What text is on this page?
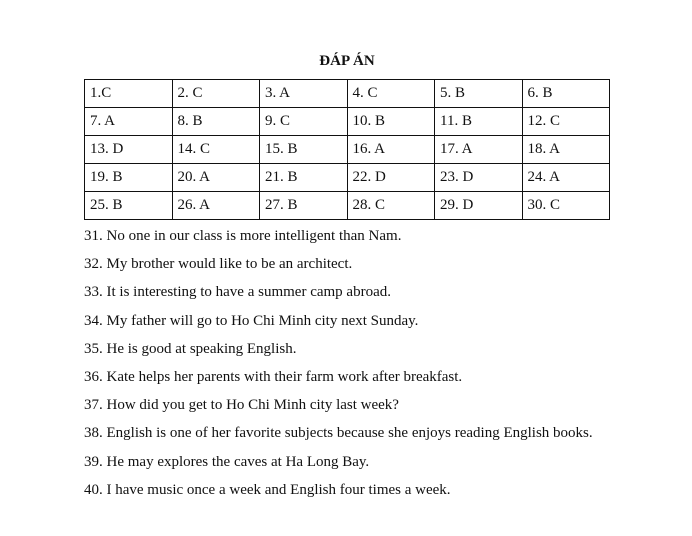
ĐÁP ÁN
1.C	2. C	3. A	4. C	5. B	6. B
7. A	8. B	9. C	10. B	11. B	12. C
13. D	14. C	15. B	16. A	17. A	18. A
19. B	20. A	21. B	22. D	23. D	24. A
25. B	26. A	27. B	28. C	29. D	30. C
31. No one in our class is more intelligent than Nam.
32. My brother would like to be an architect.
33. It is interesting to have a summer camp abroad.
34. My father will go to Ho Chi Minh city next Sunday.
35. He is good at speaking English.
36. Kate helps her parents with their farm work after breakfast.
37. How did you get to Ho Chi Minh city last week?
38. English is one of her favorite subjects because she enjoys reading English books.
39. He may explores the caves at Ha Long Bay.
40. I have music once a week and English four times a week.
